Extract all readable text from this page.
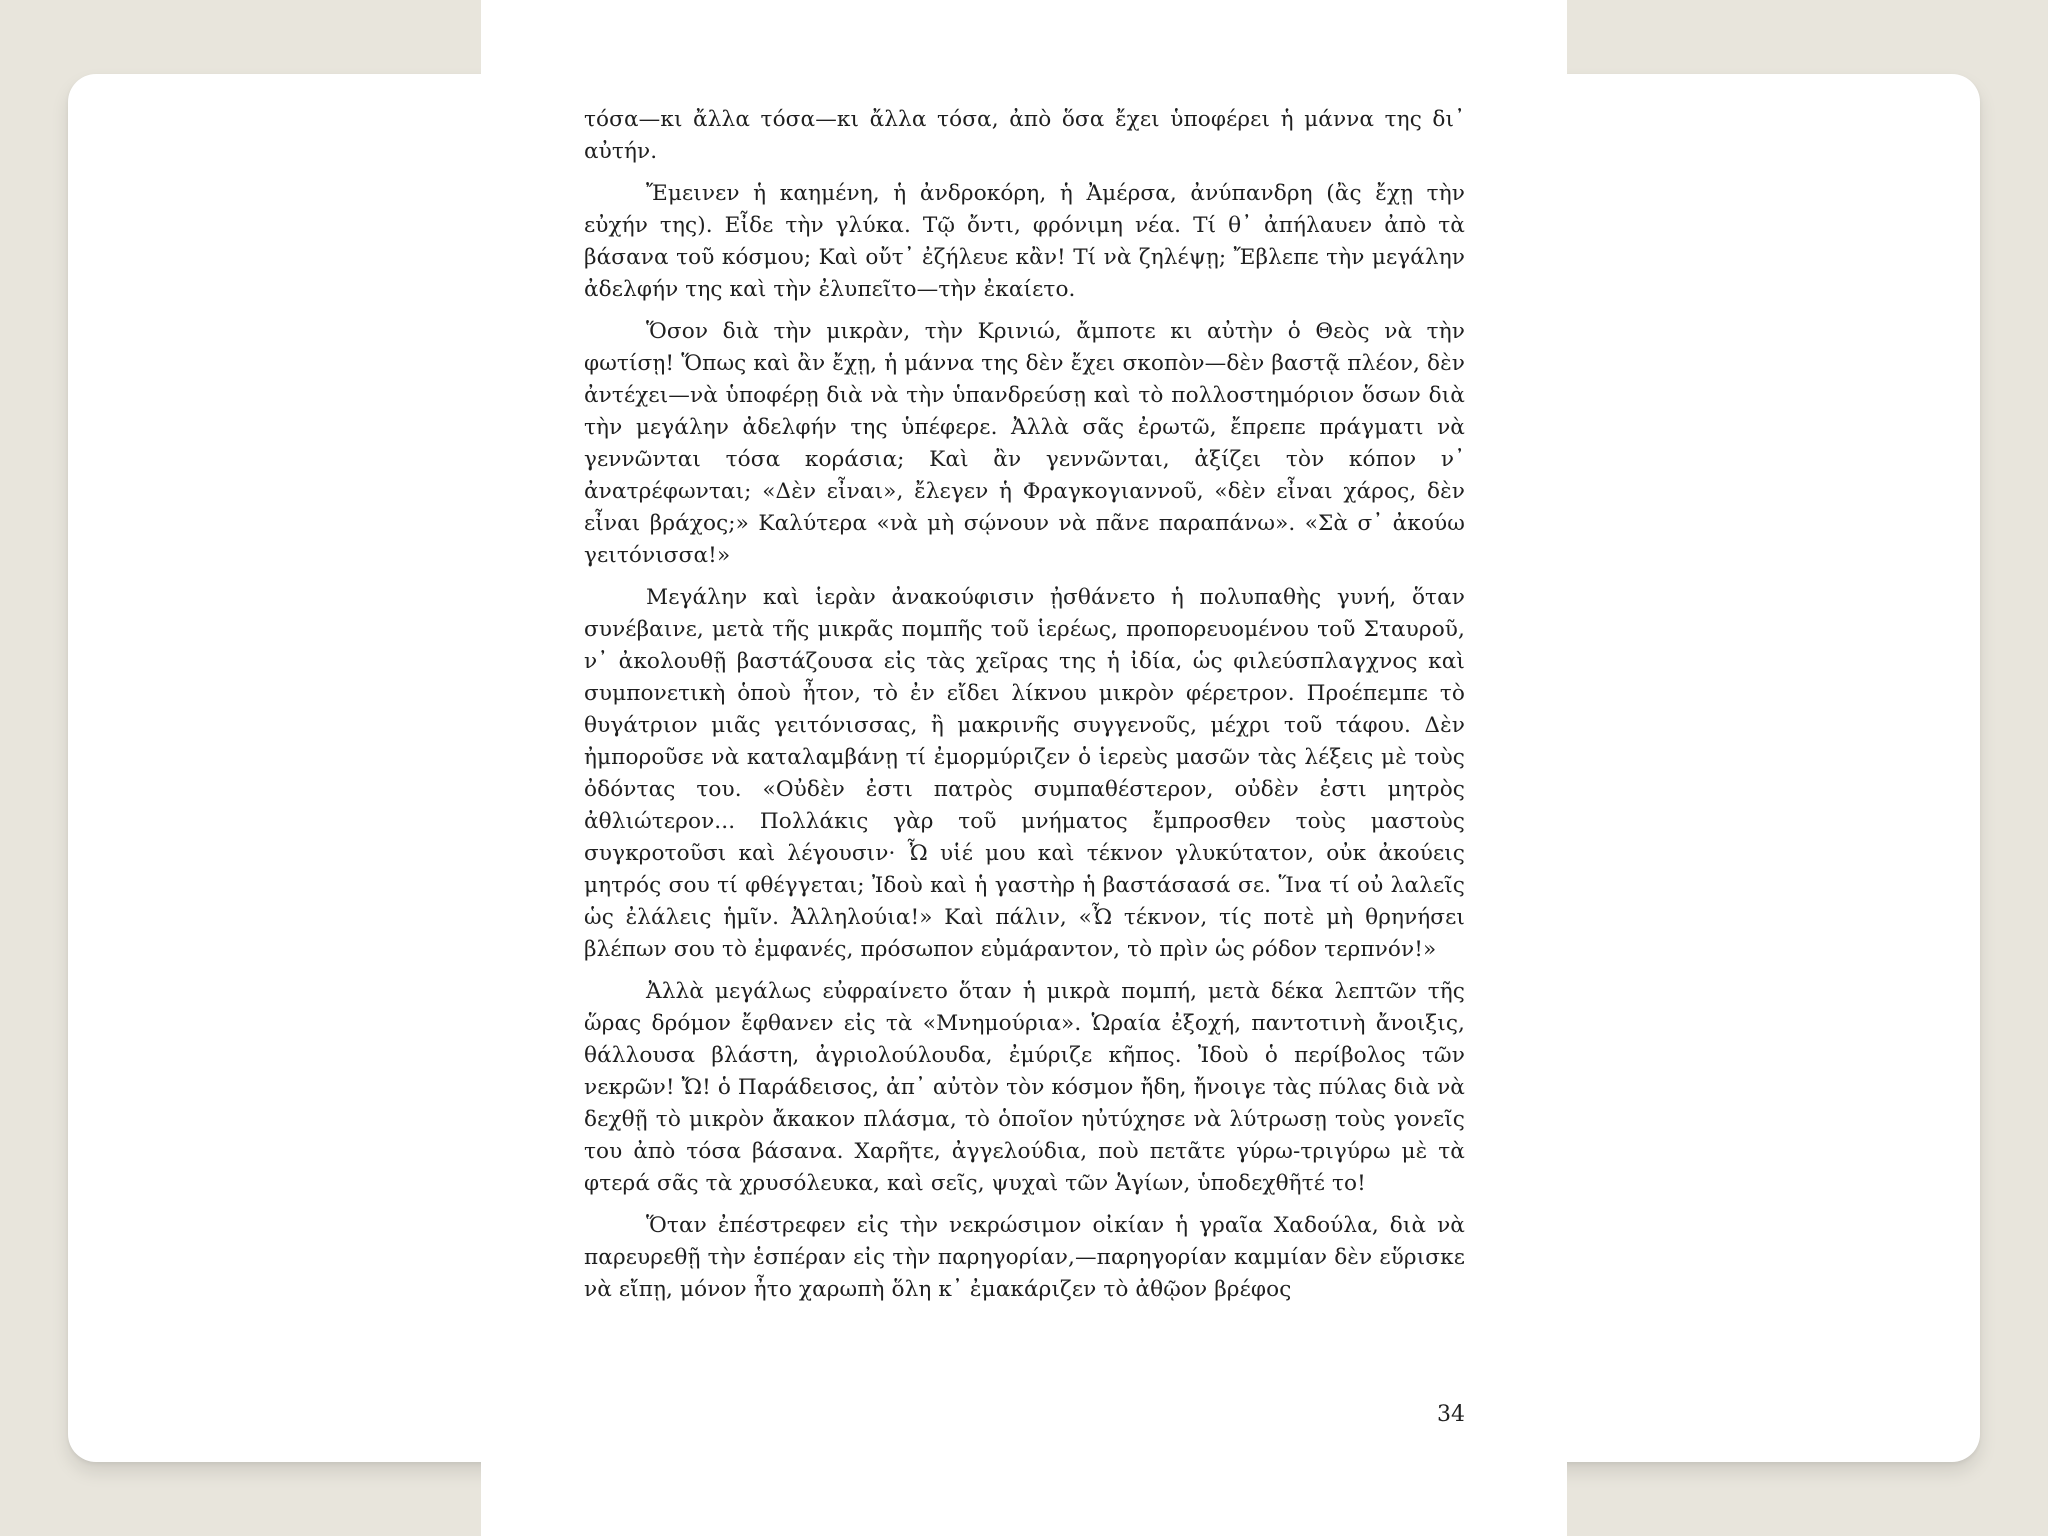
τόσα—κι ἄλλα τόσα—κι ἄλλα τόσα, ἀπὸ ὅσα ἔχει ὑποφέρει ἡ μάννα της δι᾽ αὐτήν.

Ἔμεινεν ἡ καημένη, ἡ ἀνδροκόρη, ἡ Ἀμέρσα, ἀνύπανδρη (ἂς ἔχῃ τὴν εὐχήν της). Εἶδε τὴν γλύκα. Τῷ ὄντι, φρόνιμη νέα. Τί θ᾽ ἀπήλαυεν ἀπὸ τὰ βάσανα τοῦ κόσμου; Καὶ οὔτ᾽ ἐζήλευε κἂν! Τί νὰ ζηλέψῃ; Ἔβλεπε τὴν μεγάλην ἀδελφήν της καὶ τὴν ἐλυπεῖτο—τὴν ἐκαίετο.

Ὅσον διὰ τὴν μικρὰν, τὴν Κρινιώ, ἄμποτε κι αὐτὴν ὁ Θεὸς νὰ τὴν φωτίσῃ! Ὅπως καὶ ἂν ἔχῃ, ἡ μάννα της δὲν ἔχει σκοπὸν—δὲν βαστᾷ πλέον, δὲν ἀντέχει—νὰ ὑποφέρῃ διὰ νὰ τὴν ὑπανδρεύσῃ καὶ τὸ πολλοστημόριον ὅσων διὰ τὴν μεγάλην ἀδελφήν της ὑπέφερε. Ἀλλὰ σᾶς ἐρωτῶ, ἔπρεπε πράγματι νὰ γεννῶνται τόσα κοράσια; Καὶ ἂν γεννῶνται, ἀξίζει τὸν κόπον ν᾽ ἀνατρέφωνται; «Δὲν εἶναι», ἔλεγεν ἡ Φραγκογιαννοῦ, «δὲν εἶναι χάρος, δὲν εἶναι βράχος;» Καλύτερα «νὰ μὴ σῴνουν νὰ πᾶνε παραπάνω». «Σὰ σ᾽ ἀκούω γειτόνισσα!»

Μεγάλην καὶ ἱερὰν ἀνακούφισιν ᾐσθάνετο ἡ πολυπαθὴς γυνή, ὅταν συνέβαινε, μετὰ τῆς μικρᾶς πομπῆς τοῦ ἱερέως, προπορευομένου τοῦ Σταυροῦ, ν᾽ ἀκολουθῇ βαστάζουσα εἰς τὰς χεῖρας της ἡ ἰδία, ὡς φιλεύσπλαγχνος καὶ συμπονετικὴ ὁποὺ ἦτον, τὸ ἐν εἴδει λίκνου μικρὸν φέρετρον. Προέπεμπε τὸ θυγάτριον μιᾶς γειτόνισσας, ἢ μακρινῆς συγγενοῦς, μέχρι τοῦ τάφου. Δὲν ἠμποροῦσε νὰ καταλαμβάνῃ τί ἐμορμύριζεν ὁ ἱερεὺς μασῶν τὰς λέξεις μὲ τοὺς ὀδόντας του. «Οὐδὲν ἐστι πατρὸς συμπαθέστερον, οὐδὲν ἐστι μητρὸς ἀθλιώτερον... Πολλάκις γὰρ τοῦ μνήματος ἔμπροσθεν τοὺς μαστοὺς συγκροτοῦσι καὶ λέγουσιν· Ὦ υἱέ μου καὶ τέκνον γλυκύτατον, οὐκ ἀκούεις μητρός σου τί φθέγγεται; Ἰδοὺ καὶ ἡ γαστὴρ ἡ βαστάσασά σε. Ἵνα τί οὐ λαλεῖς ὡς ἐλάλεις ἡμῖν. Ἀλληλούια!» Καὶ πάλιν, «Ὦ τέκνον, τίς ποτὲ μὴ θρηνήσει βλέπων σου τὸ ἐμφανές, πρόσωπον εὐμάραντον, τὸ πρὶν ὡς ρόδον τερπνόν!»

Ἀλλὰ μεγάλως εὐφραίνετο ὅταν ἡ μικρὰ πομπή, μετὰ δέκα λεπτῶν τῆς ὥρας δρόμον ἔφθανεν εἰς τὰ «Μνημούρια». Ὡραία ἐξοχή, παντοτινὴ ἄνοιξις, θάλλουσα βλάστη, ἀγριολούλουδα, ἐμύριζε κῆπος. Ἰδοὺ ὁ περίβολος τῶν νεκρῶν! Ὤ! ὁ Παράδεισος, ἀπ᾽ αὐτὸν τὸν κόσμον ἤδη, ἤνοιγε τὰς πύλας διὰ νὰ δεχθῇ τὸ μικρὸν ἄκακον πλάσμα, τὸ ὁποῖον ηὐτύχησε νὰ λύτρωσῃ τοὺς γονεῖς του ἀπὸ τόσα βάσανα. Χαρῆτε, ἀγγελούδια, ποὺ πετᾶτε γύρω-τριγύρω μὲ τὰ φτερά σᾶς τὰ χρυσόλευκα, καὶ σεῖς, ψυχαὶ τῶν Ἁγίων, ὑποδεχθῆτέ το!

Ὅταν ἐπέστρεφεν εἰς τὴν νεκρώσιμον οἰκίαν ἡ γραῖα Χαδούλα, διὰ νὰ παρευρεθῇ τὴν ἑσπέραν εἰς τὴν παρηγορίαν,—παρηγορίαν καμμίαν δὲν εὕρισκε νὰ εἴπῃ, μόνον ἦτο χαρωπὴ ὅλη κ᾽ ἐμακάριζεν τὸ ἀθῷον βρέφος

34
